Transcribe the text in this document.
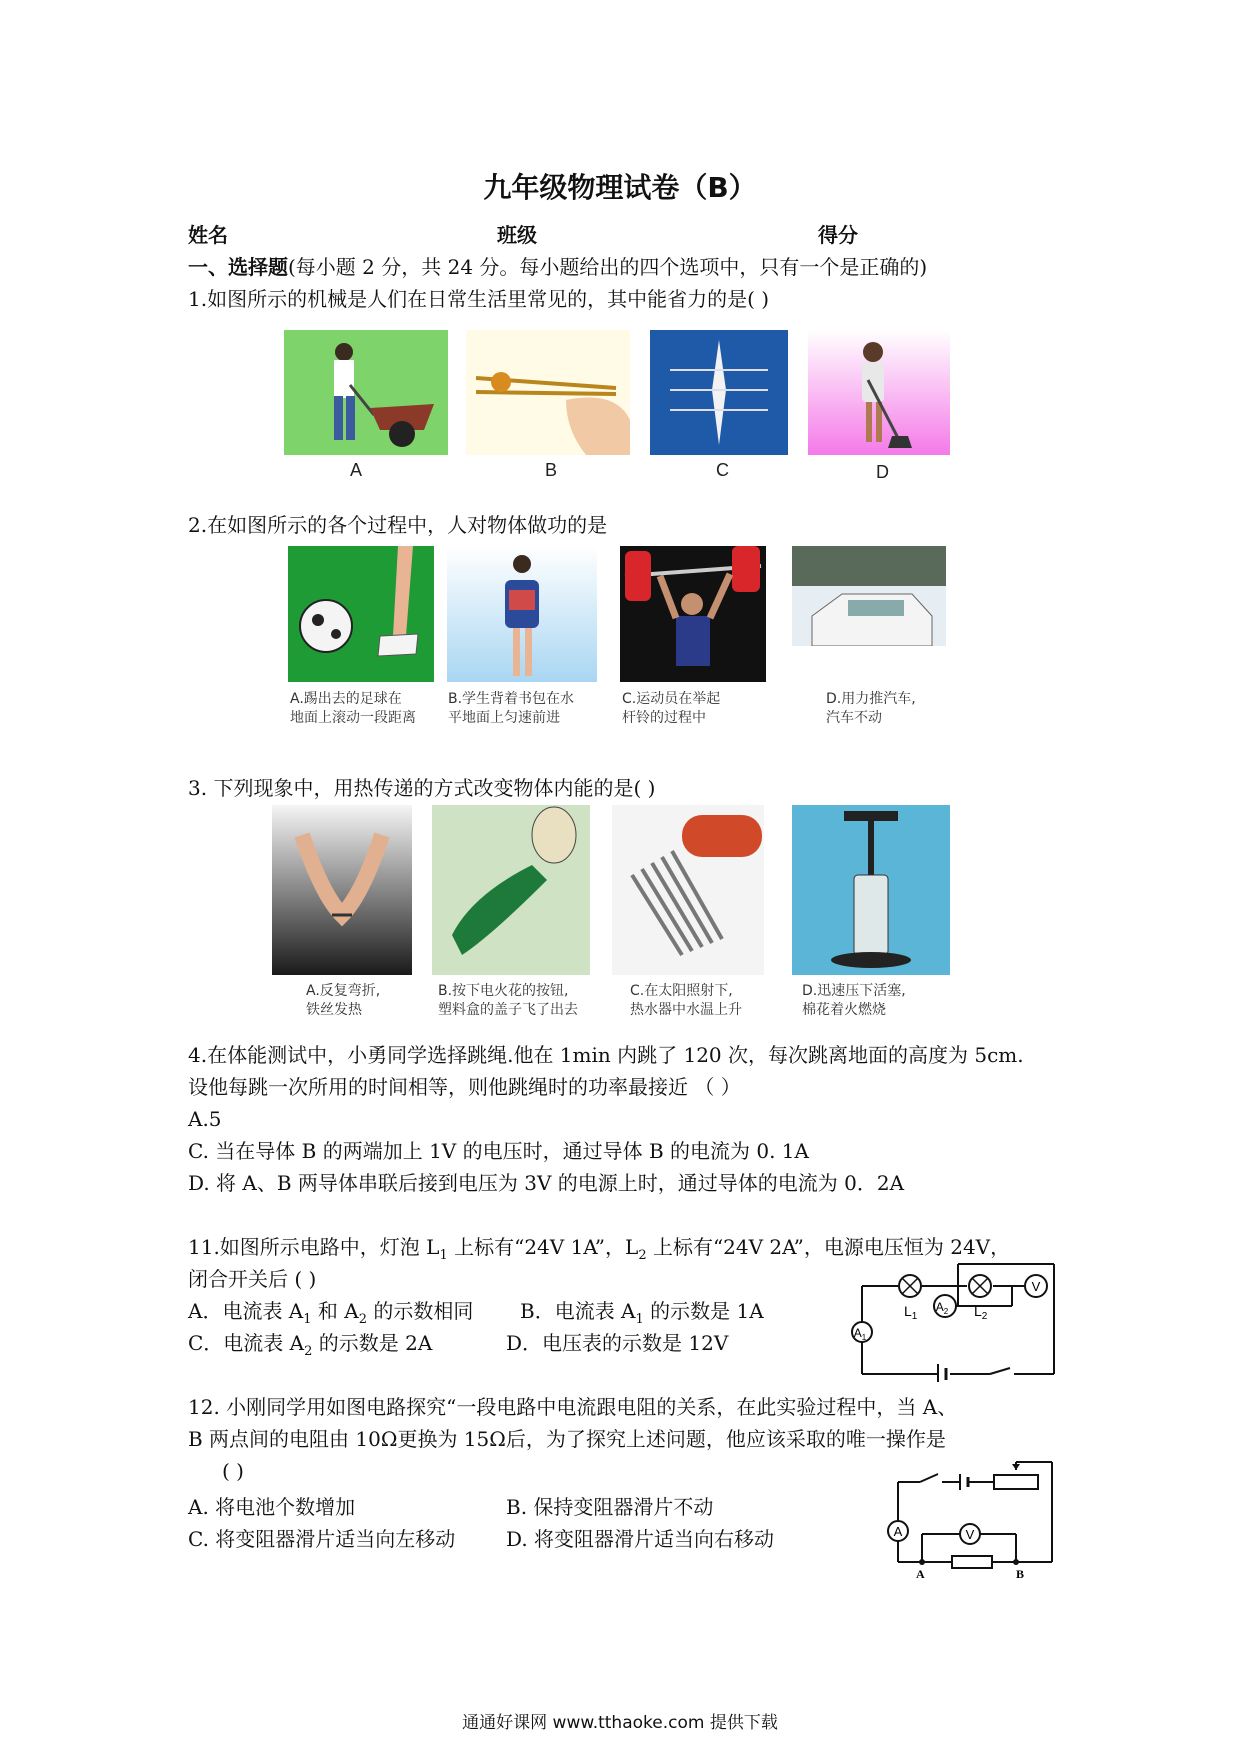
九年级物理试卷（B）
姓名	班级	得分
一、选择题(每小题 2 分，共 24 分。每小题给出的四个选项中，只有一个是正确的)
1.如图所示的机械是人们在日常生活里常见的，其中能省力的是( )
A	B	C	D
2.在如图所示的各个过程中，人对物体做功的是
A.踢出去的足球在
地面上滚动一段距离
B.学生背着书包在水
平地面上匀速前进
C.运动员在举起
杆铃的过程中
D.用力推汽车,
汽车不动
3. 下列现象中，用热传递的方式改变物体内能的是( )
A.反复弯折,
铁丝发热
B.按下电火花的按钮,
塑料盒的盖子飞了出去
C.在太阳照射下,
热水器中水温上升
D.迅速压下活塞,
棉花着火燃烧
4.在体能测试中，小勇同学选择跳绳.他在 1min 内跳了 120 次，每次跳离地面的高度为 5cm.
设他每跳一次所用的时间相等，则他跳绳时的功率最接近 （ ）
A.5
C. 当在导体 B 的两端加上 1V 的电压时，通过导体 B 的电流为 0. 1A
D. 将 A、B 两导体串联后接到电压为 3V 的电源上时，通过导体的电流为 0．2A
11.如图所示电路中，灯泡 $L_1$ 上标有“24V 1A”，$L_2$ 上标有“24V 2A”，电源电压恒为 24V，
闭合开关后 ( )
A．电流表 $A_1$ 和 $A_2$ 的示数相同 B．电流表 $A_1$ 的示数是 1A
C．电流表 $A_2$ 的示数是 2A	D．电压表的示数是 12V
V
$A_2$
$A_1$
$L_1$	$L_2$
12. 小刚同学用如图电路探究“一段电路中电流跟电阻的关系，在此实验过程中，当 A、
B 两点间的电阻由 10Ω更换为 15Ω后，为了探究上述问题，他应该采取的唯一操作是
( )
A. 将电池个数增加	B. 保持变阻器滑片不动
C. 将变阻器滑片适当向左移动	D. 将变阻器滑片适当向右移动	A	V
A	B
通通好课网 www.tthaoke.com 提供下载
